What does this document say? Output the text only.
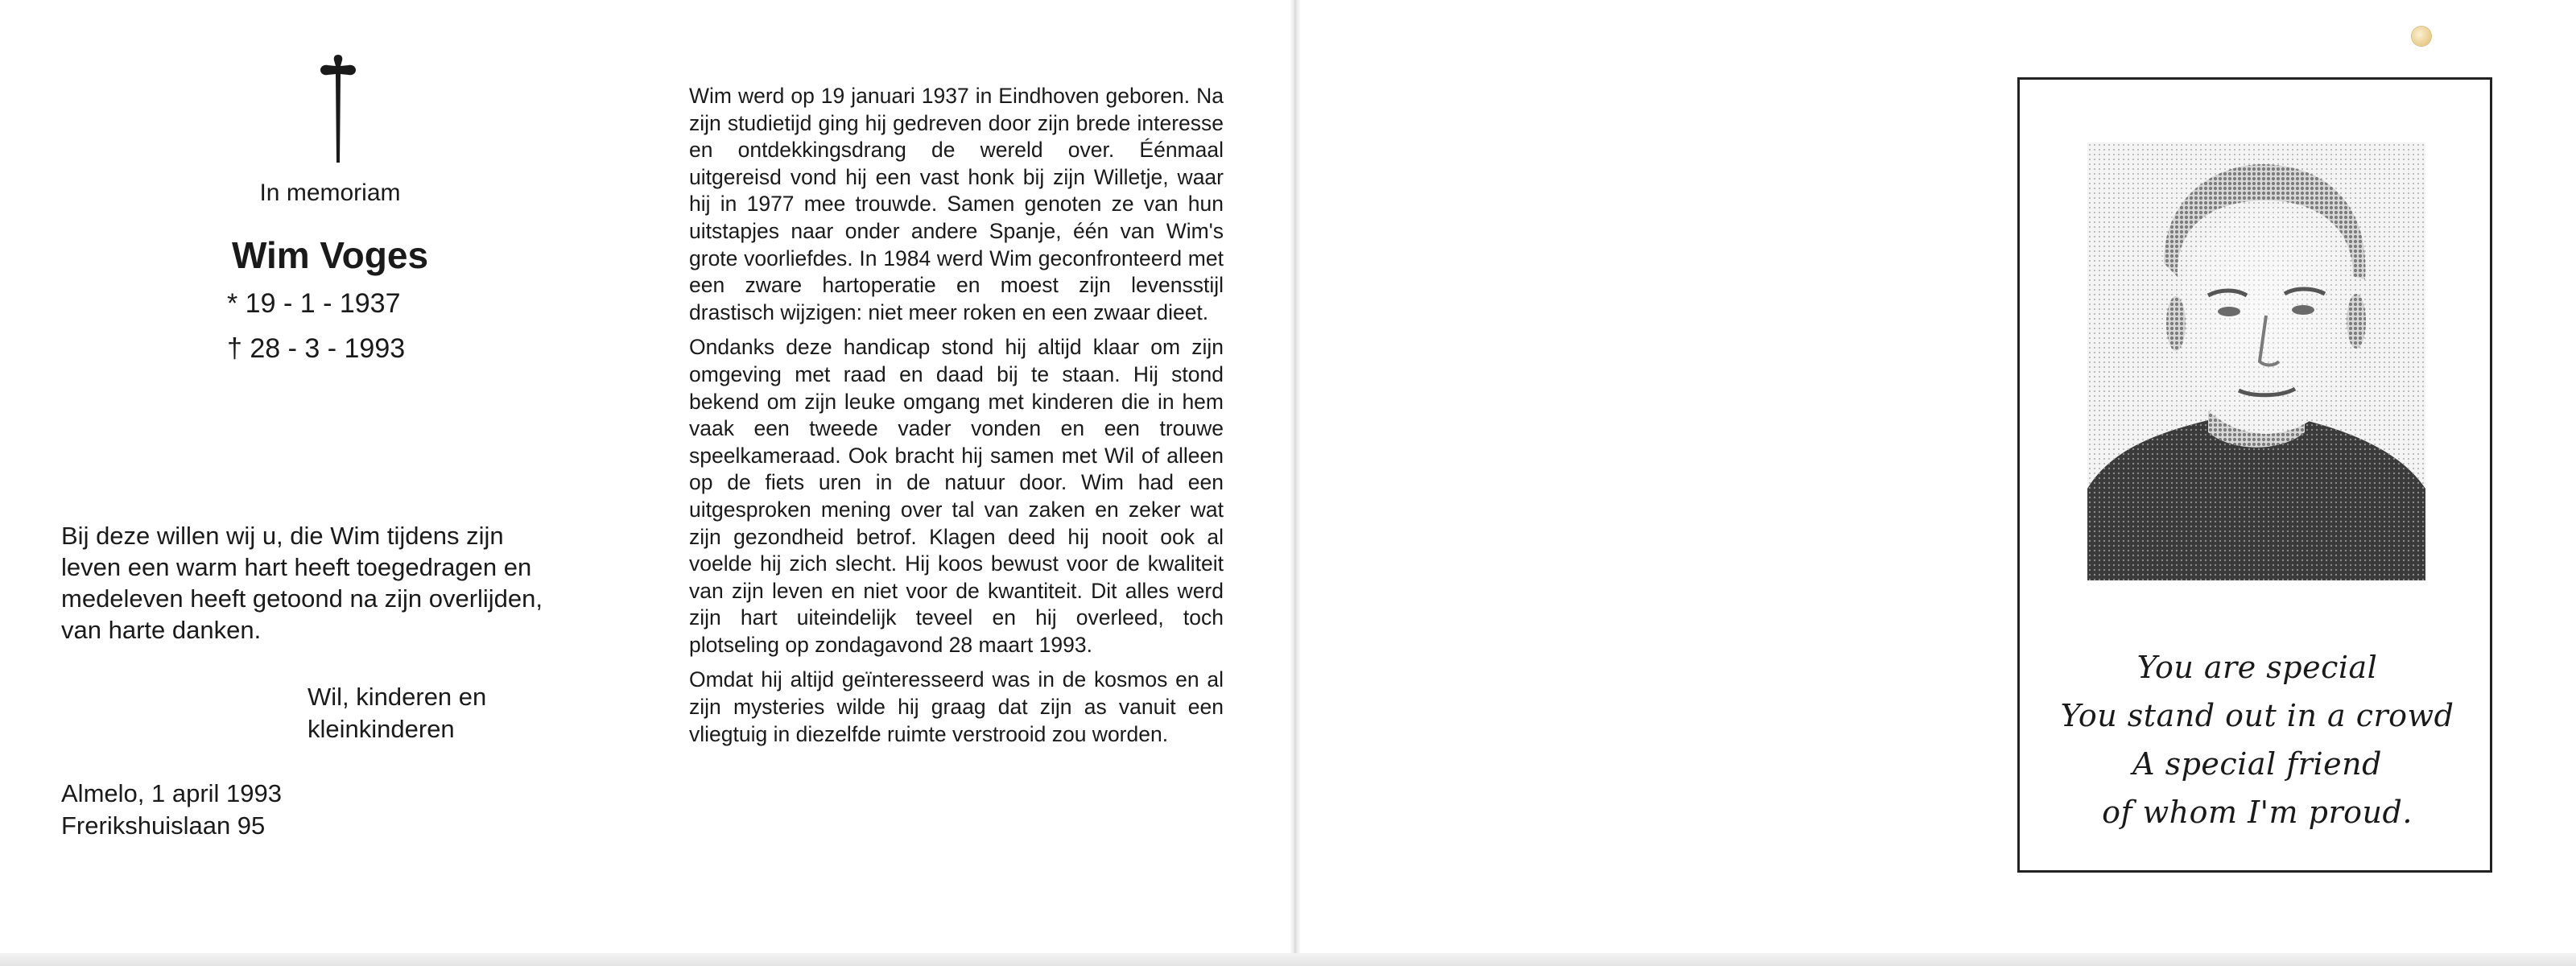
In memoriam
Wim Voges
* 19 - 1 - 1937
† 28 - 3 - 1993
Bij deze willen wij u, die Wim tijdens zijn
leven een warm hart heeft toegedragen en
medeleven heeft getoond na zijn overlijden,
van harte danken.
Wil, kinderen en
kleinkinderen
Almelo, 1 april 1993
Frerikshuislaan 95

Wim werd op 19 januari 1937 in Eindhoven geboren. Na zijn studietijd ging hij gedreven door zijn brede interesse en ontdekkingsdrang de wereld over. Éénmaal uitgereisd vond hij een vast honk bij zijn Willetje, waar hij in 1977 mee trouwde. Samen genoten ze van hun uitstapjes naar onder andere Spanje, één van Wim's grote voorliefdes. In 1984 werd Wim geconfronteerd met een zware hartoperatie en moest zijn levensstijl drastisch wijzigen: niet meer roken en een zwaar dieet.

Ondanks deze handicap stond hij altijd klaar om zijn omgeving met raad en daad bij te staan. Hij stond bekend om zijn leuke omgang met kinderen die in hem vaak een tweede vader vonden en een trouwe speelkameraad. Ook bracht hij samen met Wil of alleen op de fiets uren in de natuur door. Wim had een uitgesproken mening over tal van zaken en zeker wat zijn gezondheid betrof. Klagen deed hij nooit ook al voelde hij zich slecht. Hij koos bewust voor de kwaliteit van zijn leven en niet voor de kwantiteit. Dit alles werd zijn hart uiteindelijk teveel en hij overleed, toch plotseling op zondagavond 28 maart 1993.

Omdat hij altijd geïnteresseerd was in de kosmos en al zijn mysteries wilde hij graag dat zijn as vanuit een vliegtuig in diezelfde ruimte verstrooid zou worden.

You are special
You stand out in a crowd
A special friend
of whom I'm proud.
